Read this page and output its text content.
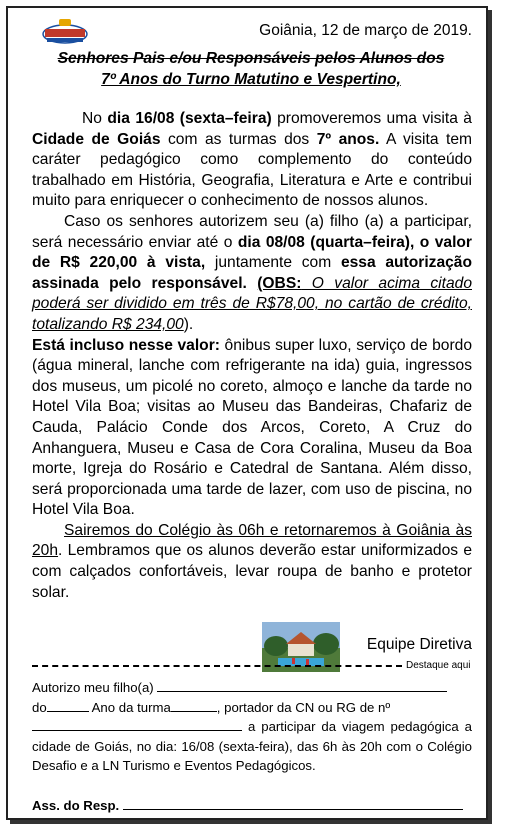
Goiânia, 12 de março de 2019.
Senhores Pais e/ou Responsáveis pelos Alunos dos
7º Anos do Turno Matutino e Vespertino,

No dia 16/08 (sexta–feira) promoveremos uma visita à Cidade de Goiás com as turmas dos 7º anos. A visita tem caráter pedagógico como complemento do conteúdo trabalhado em História, Geografia, Literatura e Arte e contribui muito para enriquecer o conhecimento de nossos alunos.

Caso os senhores autorizem seu (a) filho (a) a participar, será necessário enviar até o dia 08/08 (quarta–feira), o valor de R$ 220,00 à vista, juntamente com essa autorização assinada pelo responsável. (OBS: O valor acima citado poderá ser dividido em três de R$78,00, no cartão de crédito, totalizando R$ 234,00).

Está incluso nesse valor: ônibus super luxo, serviço de bordo (água mineral, lanche com refrigerante na ida) guia, ingressos dos museus, um picolé no coreto, almoço e lanche da tarde no Hotel Vila Boa; visitas ao Museu das Bandeiras, Chafariz de Cauda, Palácio Conde dos Arcos, Coreto, A Cruz do Anhanguera, Museu e Casa de Cora Coralina, Museu da Boa morte, Igreja do Rosário e Catedral de Santana. Além disso, será proporcionada uma tarde de lazer, com uso de piscina, no Hotel Vila Boa.

Sairemos do Colégio às 06h e retornaremos à Goiânia às 20h. Lembramos que os alunos deverão estar uniformizados e com calçados confortáveis, levar roupa de banho e protetor solar.

Equipe Diretiva
Destaque aqui
Autorizo meu filho(a)
do	Ano da turma	, portador da CN ou RG de nº
a participar da viagem pedagógica a cidade de Goiás, no dia: 16/08 (sexta-feira), das 6h às 20h com o Colégio Desafio e a LN Turismo e Eventos Pedagógicos.
Ass. do Resp.
